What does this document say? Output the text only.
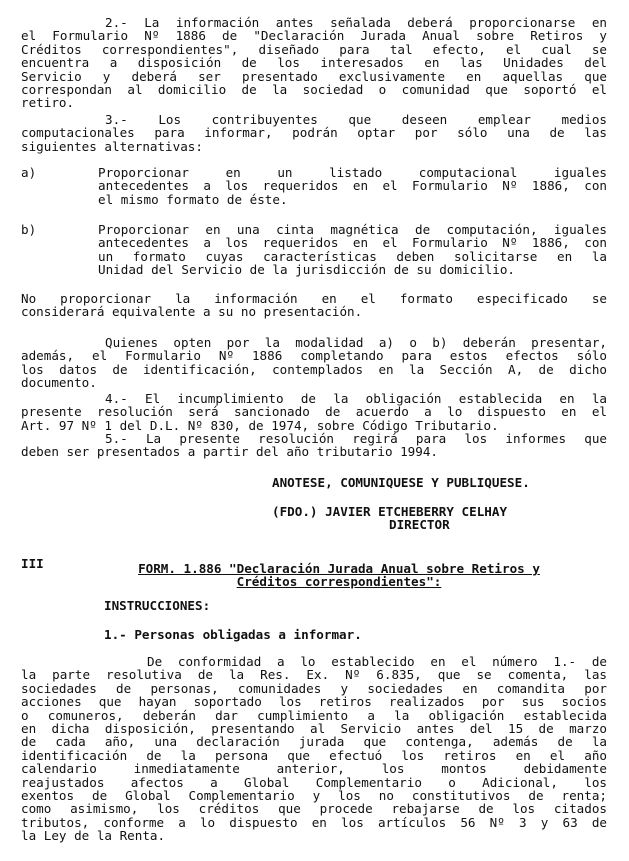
2.- La información antes señalada deberá proporcionarse en
el Formulario Nº 1886 de "Declaración Jurada Anual sobre Retiros y
Créditos correspondientes", diseñado para tal efecto, el cual se
encuentra a disposición de los interesados en las Unidades del
Servicio y deberá ser presentado exclusivamente en aquellas que
correspondan al domicilio de la sociedad o comunidad que soportó el
retiro.
3.- Los contribuyentes que deseen emplear medios
computacionales para informar, podrán optar por sólo una de las
siguientes alternativas:
a)	Proporcionar en un listado computacional iguales
antecedentes a los requeridos en el Formulario Nº 1886, con
el mismo formato de éste.
b)	Proporcionar en una cinta magnética de computación, iguales
antecedentes a los requeridos en el Formulario Nº 1886, con
un formato cuyas características deben solicitarse en la
Unidad del Servicio de la jurisdicción de su domicilio.
No proporcionar la información en el formato especificado se
considerará equivalente a su no presentación.
Quienes opten por la modalidad a) o b) deberán presentar,
además, el Formulario Nº 1886 completando para estos efectos sólo
los datos de identificación, contemplados en la Sección A, de dicho
documento.
4.- El incumplimiento de la obligación establecida en la
presente resolución será sancionado de acuerdo a lo dispuesto en el
Art. 97 Nº 1 del D.L. Nº 830, de 1974, sobre Código Tributario.
5.- La presente resolución regirá para los informes que
deben ser presentados a partir del año tributario 1994.
ANOTESE, COMUNIQUESE Y PUBLIQUESE.
(FDO.) JAVIER ETCHEBERRY CELHAY
DIRECTOR
III	FORM. 1.886 "Declaración Jurada Anual sobre Retiros y
Créditos correspondientes":
INSTRUCCIONES:
1.- Personas obligadas a informar.
De conformidad a lo establecido en el número 1.- de
la parte resolutiva de la Res. Ex. Nº 6.835, que se comenta, las
sociedades de personas, comunidades y sociedades en comandita por
acciones que hayan soportado los retiros realizados por sus socios
o comuneros, deberán dar cumplimiento a la obligación establecida
en dicha disposición, presentando al Servicio antes del 15 de marzo
de cada año, una declaración jurada que contenga, además de la
identificación de la persona que efectuó los retiros en el año
calendario inmediatamente anterior, los montos debidamente
reajustados afectos a Global Complementario o Adicional, los
exentos de Global Complementario y los no constitutivos de renta;
como asimismo, los créditos que procede rebajarse de los citados
tributos, conforme a lo dispuesto en los artículos 56 Nº 3 y 63 de
la Ley de la Renta.
